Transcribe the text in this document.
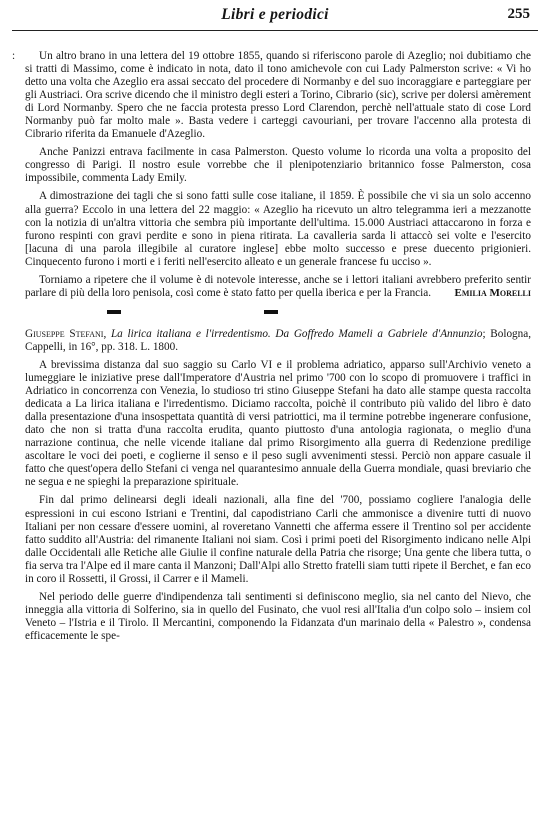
Libri e periodici	255
:	Un altro brano in una lettera del 19 ottobre 1855, quando si riferiscono parole di Azeglio; noi dubitiamo che si tratti di Massimo, come è indicato in nota, dato il tono amichevole con cui Lady Palmerston scrive: « Vi ho detto una volta che Azeglio era assai seccato del procedere di Normanby e del suo incoraggiare e parteggiare per gli Austriaci. Ora scrive dicendo che il ministro degli esteri a Torino, Cibrario (sic), scrive per dolersi amèrement di Lord Normanby. Spero che ne faccia protesta presso Lord Clarendon, perchè nell'attuale stato di cose Lord Normanby può far molto male ». Basta vedere i carteggi cavouriani, per trovare l'accenno alla protesta di Cibrario riferita da Emanuele d'Azeglio.

Anche Panizzi entrava facilmente in casa Palmerston. Questo volume lo ricorda una volta a proposito del congresso di Parigi. Il nostro esule vorrebbe che il plenipotenziario britannico fosse Palmerston, cosa impossibile, commenta Lady Emily.

A dimostrazione dei tagli che si sono fatti sulle cose italiane, il 1859. È possibile che vi sia un solo accenno alla guerra? Eccolo in una lettera del 22 maggio: « Azeglio ha ricevuto un altro telegramma ieri a mezzanotte con la notizia di un'altra vittoria che sembra più importante dell'ultima. 15.000 Austriaci attaccarono in forza e furono respinti con gravi perdite e sono in piena ritirata. La cavalleria sarda li attaccò sei volte e l'esercito [lacuna di una parola illegibile al curatore inglese] ebbe molto successo e prese duecento prigionieri. Cinquecento furono i morti e i feriti nell'esercito alleato e un generale francese fu ucciso ».

Torniamo a ripetere che il volume è di notevole interesse, anche se i lettori italiani avrebbero preferito sentir parlare di più della loro penisola, così come è stato fatto per quella iberica e per la Francia.	Emilia Morelli

Giuseppe Stefani, La lirica italiana e l'irredentismo. Da Goffredo Mameli a Gabriele d'Annunzio; Bologna, Cappelli, in 16°, pp. 318. L. 1800.

A brevissima distanza dal suo saggio su Carlo VI e il problema adriatico, apparso sull'Archivio veneto a lumeggiare le iniziative prese dall'Imperatore d'Austria nel primo '700 con lo scopo di promuovere i traffici in Adriatico in concorrenza con Venezia, lo studioso tri stino Giuseppe Stefani ha dato alle stampe questa raccolta dedicata a La lirica italiana e l'irredentismo. Diciamo raccolta, poichè il contributo più valido del libro è dato dalla presentazione d'una insospettata quantità di versi patriottici, ma il termine potrebbe ingenerare confusione, dato che non si tratta d'una raccolta erudita, quanto piuttosto d'una antologia ragionata, o meglio d'una narrazione continua, che nelle vicende italiane dal primo Risorgimento alla guerra di Redenzione predilige ascoltare le voci dei poeti, e coglierne il senso e il peso sugli avvenimenti stessi. Perciò non appare casuale il fatto che quest'opera dello Stefani ci venga nel quarantesimo annuale della Guerra mondiale, quasi breviario che ne segua e ne spieghi la preparazione spirituale.

Fin dal primo delinearsi degli ideali nazionali, alla fine del '700, possiamo cogliere l'analogia delle espressioni in cui escono Istriani e Trentini, dal capodistriano Carli che ammonisce a divenire tutti di nuovo Italiani per non cessare d'essere uomini, al roveretano Vannetti che afferma essere il Trentino sol per accidente fatto suddito all'Austria: del rimanente Italiani noi siam. Così i primi poeti del Risorgimento indicano nelle Alpi dalle Occidentali alle Retiche alle Giulie il confine naturale della Patria che risorge; Una gente che libera tutta, o fia serva tra l'Alpe ed il mare canta il Manzoni; Dall'Alpi allo Stretto fratelli siam tutti ripete il Berchet, e fan eco in coro il Rossetti, il Grossi, il Carrer e il Mameli.

Nel periodo delle guerre d'indipendenza tali sentimenti si definiscono meglio, sia nel canto del Nievo, che inneggia alla vittoria di Solferino, sia in quello del Fusinato, che vuol resi all'Italia d'un colpo solo – insiem col Veneto – l'Istria e il Tirolo. Il Mercantini, componendo la Fidanzata d'un marinaio della « Palestro », condensa efficacemente le spe-
